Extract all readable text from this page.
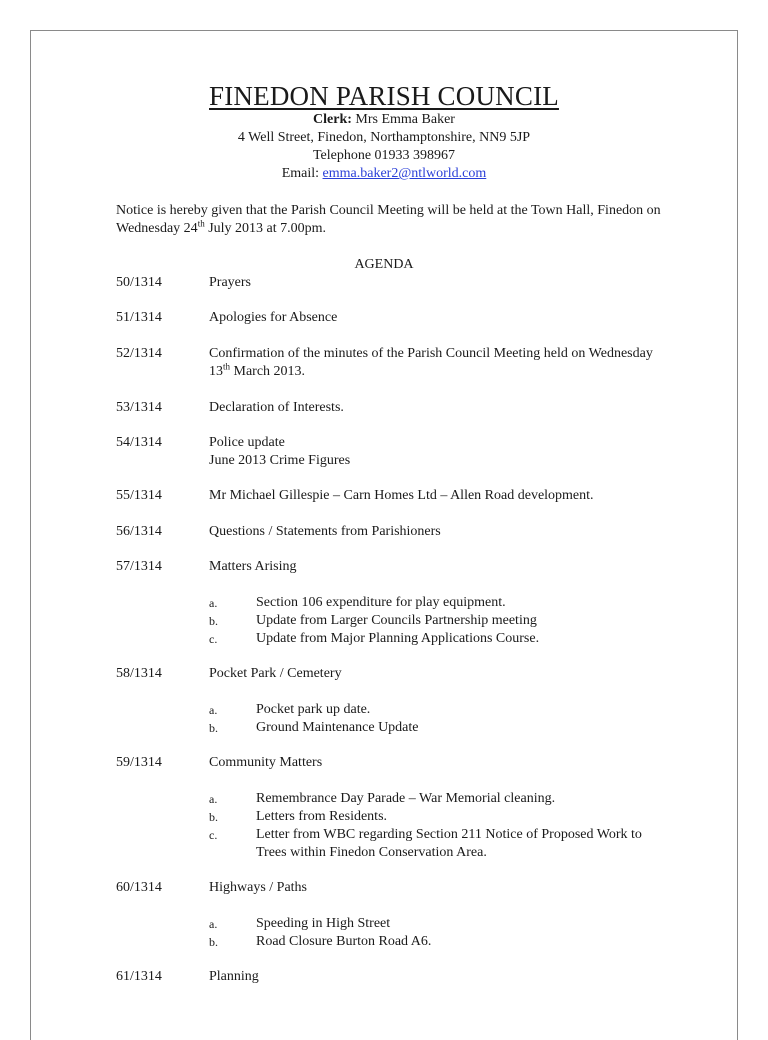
FINEDON PARISH COUNCIL
Clerk: Mrs Emma Baker
4 Well Street, Finedon, Northamptonshire, NN9 5JP
Telephone 01933 398967
Email: emma.baker2@ntlworld.com
Notice is hereby given that the Parish Council Meeting will be held at the Town Hall, Finedon on Wednesday 24th July 2013 at 7.00pm.
AGENDA
50/1314	Prayers
51/1314	Apologies for Absence
52/1314	Confirmation of the minutes of the Parish Council Meeting held on Wednesday 13th March 2013.
53/1314	Declaration of Interests.
54/1314	Police update
June 2013 Crime Figures
55/1314	Mr Michael Gillespie – Carn Homes Ltd – Allen Road development.
56/1314	Questions / Statements from Parishioners
57/1314	Matters Arising
a.	Section 106 expenditure for play equipment.
b.	Update from Larger Councils Partnership meeting
c.	Update from Major Planning Applications Course.
58/1314	Pocket Park / Cemetery
a.	Pocket park up date.
b.	Ground Maintenance Update
59/1314	Community Matters
a.	Remembrance Day Parade – War Memorial cleaning.
b.	Letters from Residents.
c.	Letter from WBC regarding Section 211 Notice of Proposed Work to Trees within Finedon Conservation Area.
60/1314	Highways / Paths
a.	Speeding in High Street
b.	Road Closure Burton Road A6.
61/1314	Planning
